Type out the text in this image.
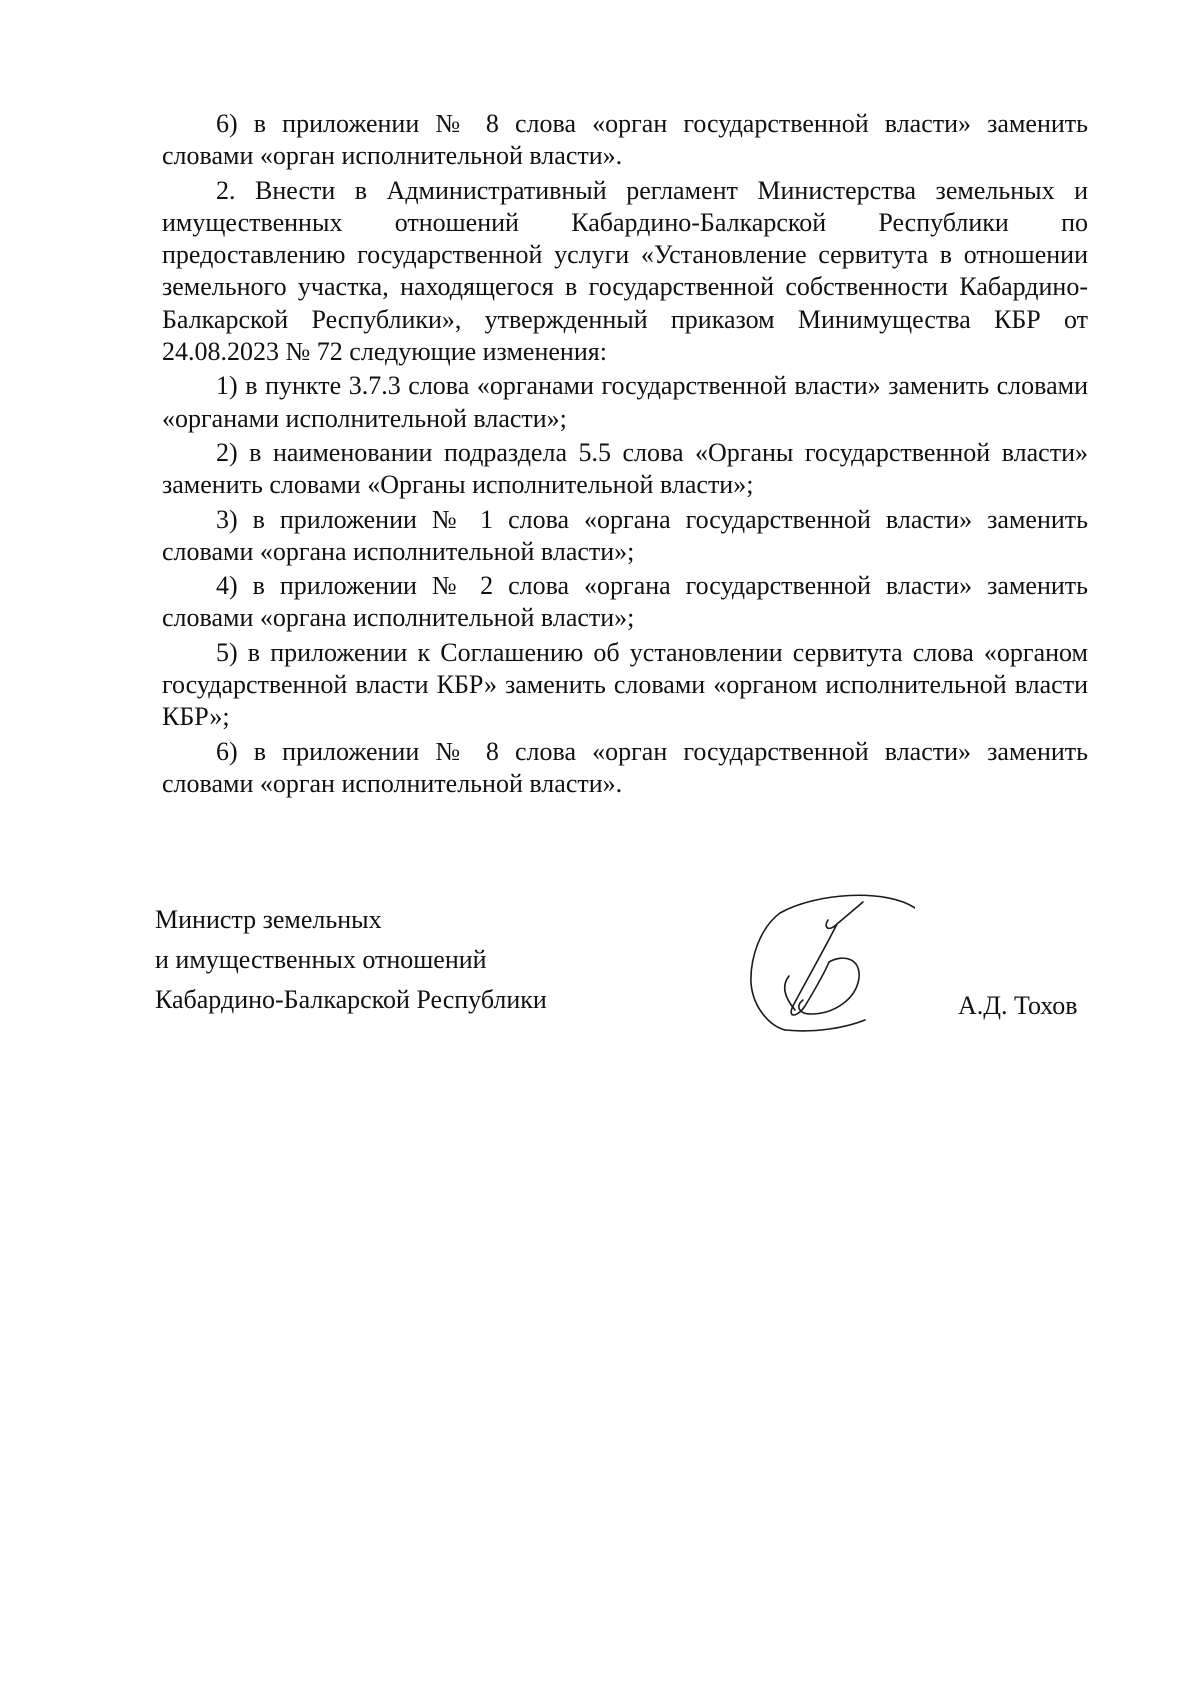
6) в приложении № 8 слова «орган государственной власти» заменить словами «орган исполнительной власти».

2. Внести в Административный регламент Министерства земельных и имущественных отношений Кабардино-Балкарской Республики по предоставлению государственной услуги «Установление сервитута в отношении земельного участка, находящегося в государственной собственности Кабардино-Балкарской Республики», утвержденный приказом Минимущества КБР от 24.08.2023 № 72 следующие изменения:

1) в пункте 3.7.3 слова «органами государственной власти» заменить словами «органами исполнительной власти»;

2) в наименовании подраздела 5.5 слова «Органы государственной власти» заменить словами «Органы исполнительной власти»;

3) в приложении № 1 слова «органа государственной власти» заменить словами «органа исполнительной власти»;

4) в приложении № 2 слова «органа государственной власти» заменить словами «органа исполнительной власти»;

5) в приложении к Соглашению об установлении сервитута слова «органом государственной власти КБР» заменить словами «органом исполнительной власти КБР»;

6) в приложении № 8 слова «орган государственной власти» заменить словами «орган исполнительной власти».

Министр земельных
и имущественных отношений
Кабардино-Балкарской Республики	А.Д. Тохов
